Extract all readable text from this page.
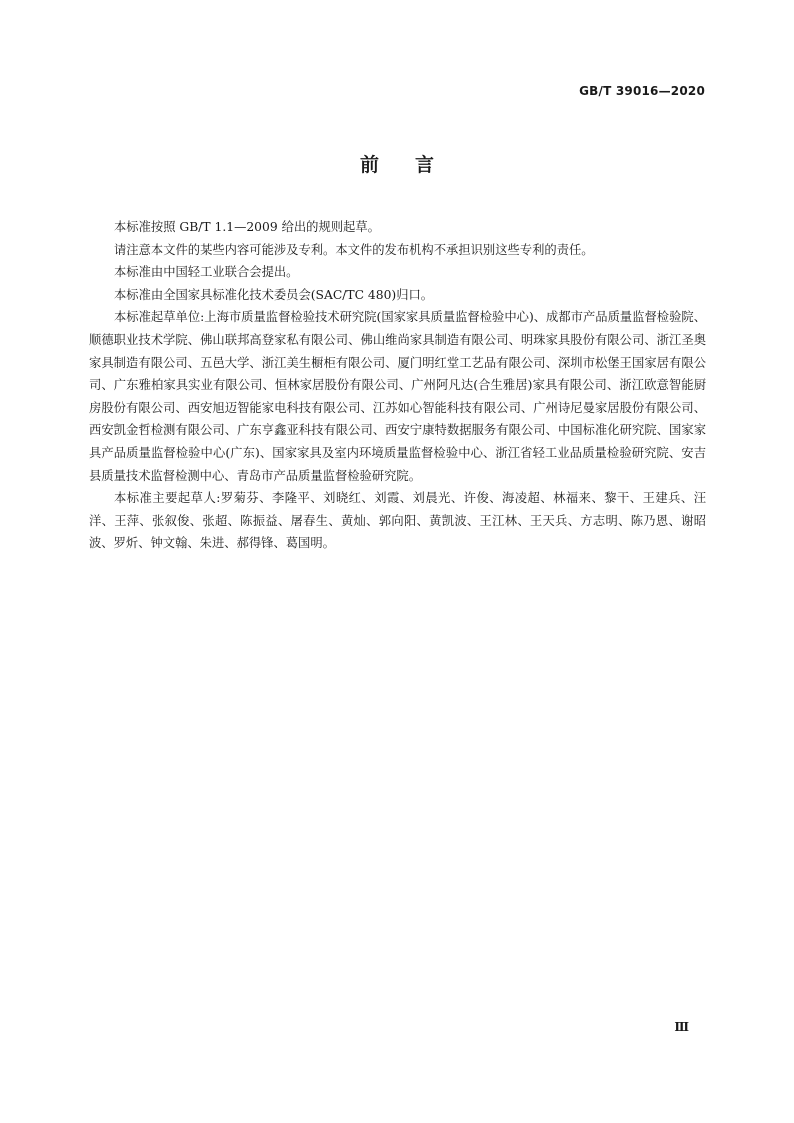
GB/T 39016—2020
前言

本标准按照 GB/T 1.1—2009 给出的规则起草。

请注意本文件的某些内容可能涉及专利。本文件的发布机构不承担识别这些专利的责任。

本标准由中国轻工业联合会提出。

本标准由全国家具标准化技术委员会(SAC/TC 480)归口。

本标准起草单位:上海市质量监督检验技术研究院(国家家具质量监督检验中心)、成都市产品质量监督检验院、顺德职业技术学院、佛山联邦高登家私有限公司、佛山维尚家具制造有限公司、明珠家具股份有限公司、浙江圣奥家具制造有限公司、五邑大学、浙江美生橱柜有限公司、厦门明红堂工艺品有限公司、深圳市松堡王国家居有限公司、广东雅柏家具实业有限公司、恒林家居股份有限公司、广州阿凡达(合生雅居)家具有限公司、浙江欧意智能厨房股份有限公司、西安旭迈智能家电科技有限公司、江苏如心智能科技有限公司、广州诗尼曼家居股份有限公司、西安凯金哲检测有限公司、广东亨鑫亚科技有限公司、西安宁康特数据服务有限公司、中国标准化研究院、国家家具产品质量监督检验中心(广东)、国家家具及室内环境质量监督检验中心、浙江省轻工业品质量检验研究院、安吉县质量技术监督检测中心、青岛市产品质量监督检验研究院。

本标准主要起草人:罗菊芬、李隆平、刘晓红、刘霞、刘晨光、许俊、海凌超、林福来、黎干、王建兵、汪洋、王萍、张叙俊、张超、陈振益、屠春生、黄灿、郭向阳、黄凯波、王江林、王天兵、方志明、陈乃恩、谢昭波、罗炘、钟文翰、朱进、郝得锋、葛国明。

Ⅲ
